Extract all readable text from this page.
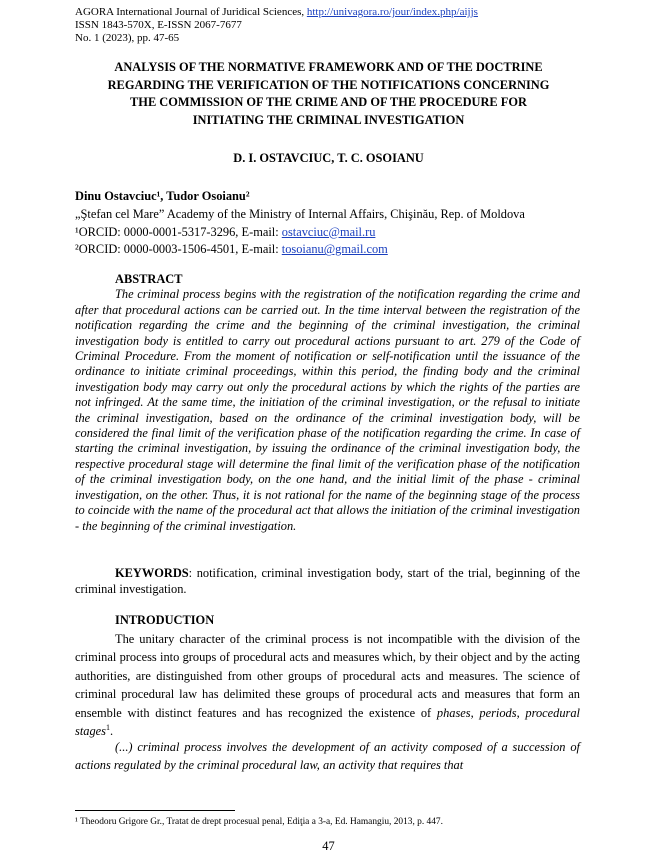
AGORA International Journal of Juridical Sciences, http://univagora.ro/jour/index.php/aijjs
ISSN 1843-570X, E-ISSN 2067-7677
No. 1 (2023), pp. 47-65
ANALYSIS OF THE NORMATIVE FRAMEWORK AND OF THE DOCTRINE
REGARDING THE VERIFICATION OF THE NOTIFICATIONS CONCERNING
THE COMMISSION OF THE CRIME AND OF THE PROCEDURE FOR
INITIATING THE CRIMINAL INVESTIGATION
D. I. OSTAVCIUC, T. C. OSOIANU
Dinu Ostavciuc¹, Tudor Osoianu²
„Ştefan cel Mare” Academy of the Ministry of Internal Affairs, Chişinău, Rep. of Moldova
¹ORCID: 0000-0001-5317-3296, E-mail: ostavciuc@mail.ru
²ORCID: 0000-0003-1506-4501, E-mail: tosoianu@gmail.com
ABSTRACT

The criminal process begins with the registration of the notification regarding the crime and after that procedural actions can be carried out. In the time interval between the registration of the notification regarding the crime and the beginning of the criminal investigation, the criminal investigation body is entitled to carry out procedural actions pursuant to art. 279 of the Code of Criminal Procedure. From the moment of notification or self-notification until the issuance of the ordinance to initiate criminal proceedings, within this period, the finding body and the criminal investigation body may carry out only the procedural actions by which the rights of the parties are not infringed. At the same time, the initiation of the criminal investigation, or the refusal to initiate the criminal investigation, based on the ordinance of the criminal investigation body, will be considered the final limit of the verification phase of the notification regarding the crime. In case of starting the criminal investigation, by issuing the ordinance of the criminal investigation body, the respective procedural stage will determine the final limit of the verification phase of the notification of the criminal investigation body, on the one hand, and the initial limit of the phase - criminal investigation, on the other. Thus, it is not rational for the name of the beginning stage of the process to coincide with the name of the procedural act that allows the initiation of the criminal investigation - the beginning of the criminal investigation.

KEYWORDS: notification, criminal investigation body, start of the trial, beginning of the criminal investigation.

INTRODUCTION

The unitary character of the criminal process is not incompatible with the division of the criminal process into groups of procedural acts and measures which, by their object and by the acting authorities, are distinguished from other groups of procedural acts and measures. The science of criminal procedural law has delimited these groups of procedural acts and measures that form an ensemble with distinct features and has recognized the existence of phases, periods, procedural stages$^1$.

(...) criminal process involves the development of an activity composed of a succession of actions regulated by the criminal procedural law, an activity that requires that

¹ Theodoru Grigore Gr., Tratat de drept procesual penal, Ediţia a 3-a, Ed. Hamangiu, 2013, p. 447.
47
